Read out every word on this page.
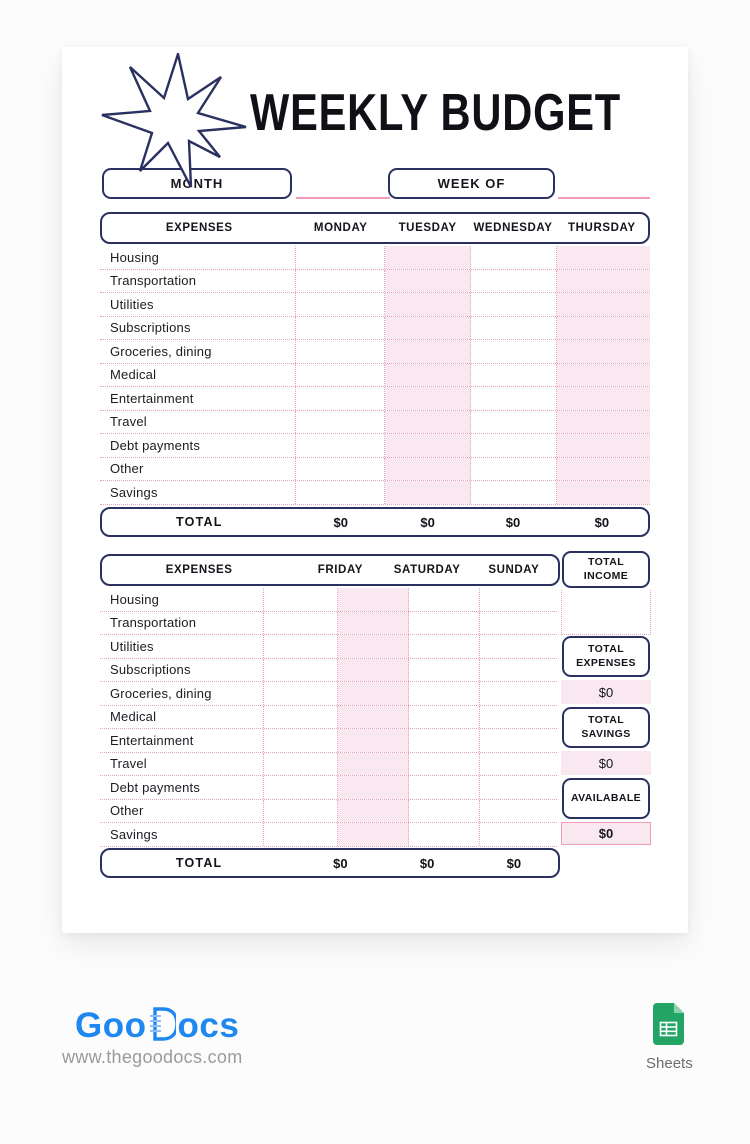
WEEKLY BUDGET
MONTH	WEEK OF
EXPENSES	MONDAY	TUESDAY	WEDNESDAY	THURSDAY
Housing
Transportation
Utilities
Subscriptions
Groceries, dining
Medical
Entertainment
Travel
Debt payments
Other
Savings
TOTAL	$0	$0	$0	$0
EXPENSES	FRIDAY	SATURDAY	SUNDAY
Housing
Transportation
Utilities
Subscriptions
Groceries, dining
Medical
Entertainment
Travel
Debt payments
Other
Savings
TOTAL	$0	$0	$0
TOTAL INCOME
TOTAL EXPENSES
$0
TOTAL SAVINGS
$0
AVAILABALE
$0
Goo ocs
www.thegoodocs.com	Sheets
